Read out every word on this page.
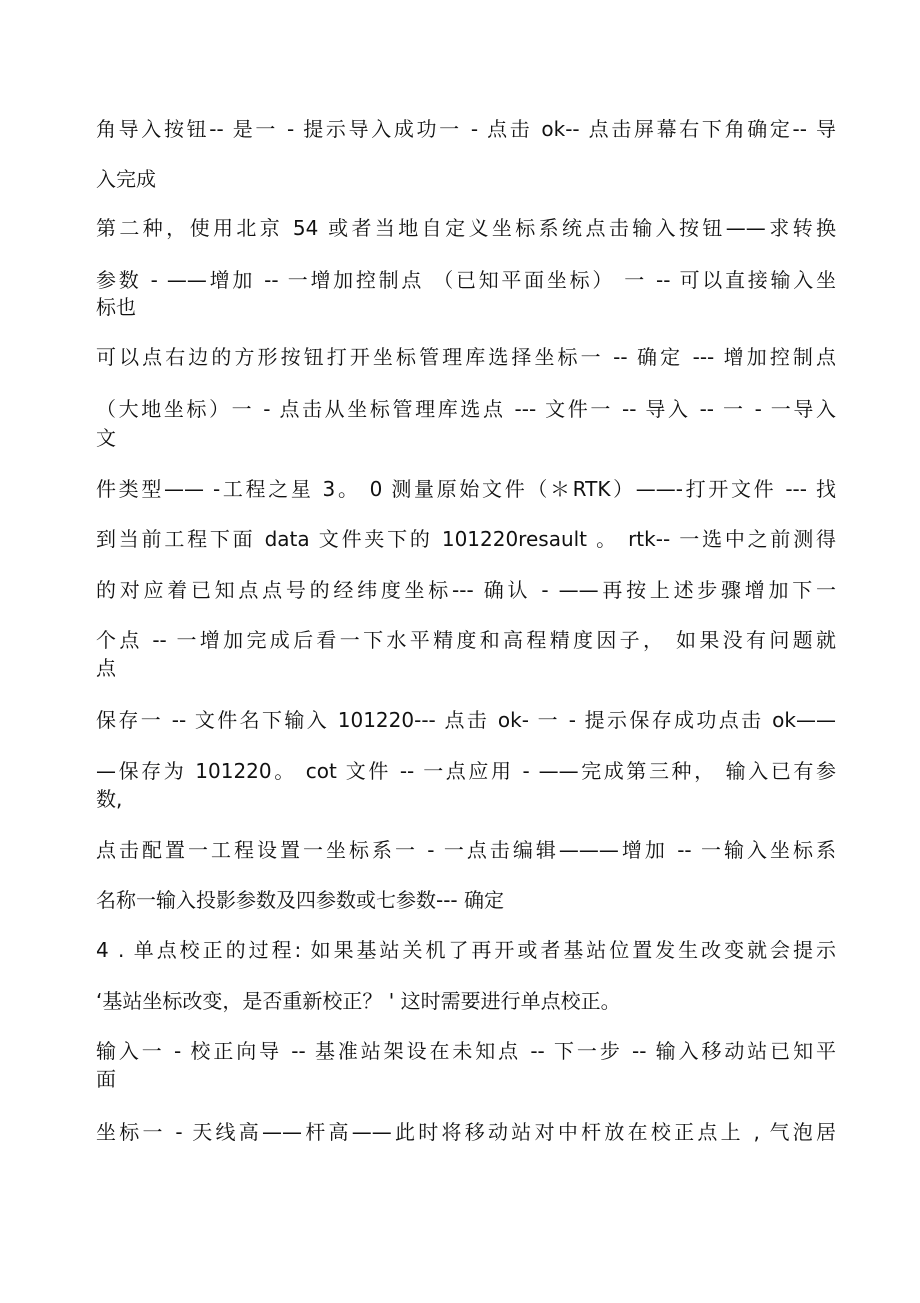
角导入按钮-- 是一 - 提示导入成功一 - 点击 ok-- 点击屏幕右下角确定-- 导
入完成
第二种，使用北京 54 或者当地自定义坐标系统点击输入按钮——求转换
参数 - ——增加 -- 一增加控制点 （已知平面坐标） 一 -- 可以直接输入坐
标也
可以点右边的方形按钮打开坐标管理库选择坐标一 -- 确定 --- 增加控制点
（大地坐标）一 - 点击从坐标管理库选点 --- 文件一 -- 导入 -- 一 - 一导入
文
件类型—— -工程之星 3。 0 测量原始文件（＊RTK）——-打开文件 --- 找
到当前工程下面 data 文件夹下的 101220resault 。 rtk-- 一选中之前测得
的对应着已知点点号的经纬度坐标--- 确认 - ——再按上述步骤增加下一
个点 -- 一增加完成后看一下水平精度和高程精度因子， 如果没有问题就
点
保存一 -- 文件名下输入 101220--- 点击 ok- 一 - 提示保存成功点击 ok——
—保存为 101220。 cot 文件 -- 一点应用 - ——完成第三种， 输入已有参
数,
点击配置一工程设置一坐标系一 - 一点击编辑———增加 -- 一输入坐标系
名称一输入投影参数及四参数或七参数--- 确定
4 . 单点校正的过程: 如果基站关机了再开或者基站位置发生改变就会提示
‘基站坐标改变，是否重新校正？ ' 这时需要进行单点校正。
输入一 - 校正向导 -- 基准站架设在未知点 -- 下一步 -- 输入移动站已知平
面
坐标一 - 天线高——杆高——此时将移动站对中杆放在校正点上 , 气泡居
